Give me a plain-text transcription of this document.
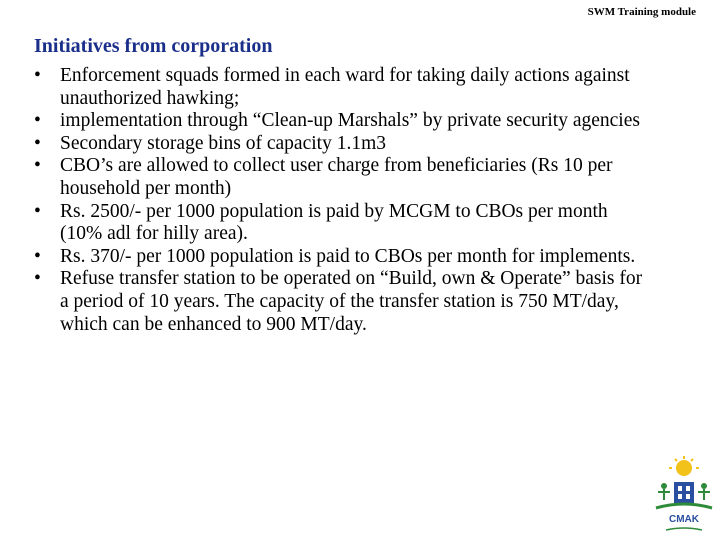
SWM Training module
Initiatives from corporation
• Enforcement squads formed in each ward for taking daily actions against unauthorized hawking;
• implementation through “Clean-up Marshals” by private security agencies
• Secondary storage bins of capacity 1.1m3
• CBO’s are allowed to collect user charge from beneficiaries (Rs 10 per household per month)
• Rs. 2500/- per 1000 population is paid by MCGM to CBOs per month (10% adl for hilly area).
• Rs. 370/- per 1000 population is paid to CBOs per month for implements.
• Refuse transfer station to be operated on “Build, own & Operate” basis for a period of 10 years. The capacity of the transfer station is 750 MT/day, which can be enhanced to 900 MT/day.
CMAK
